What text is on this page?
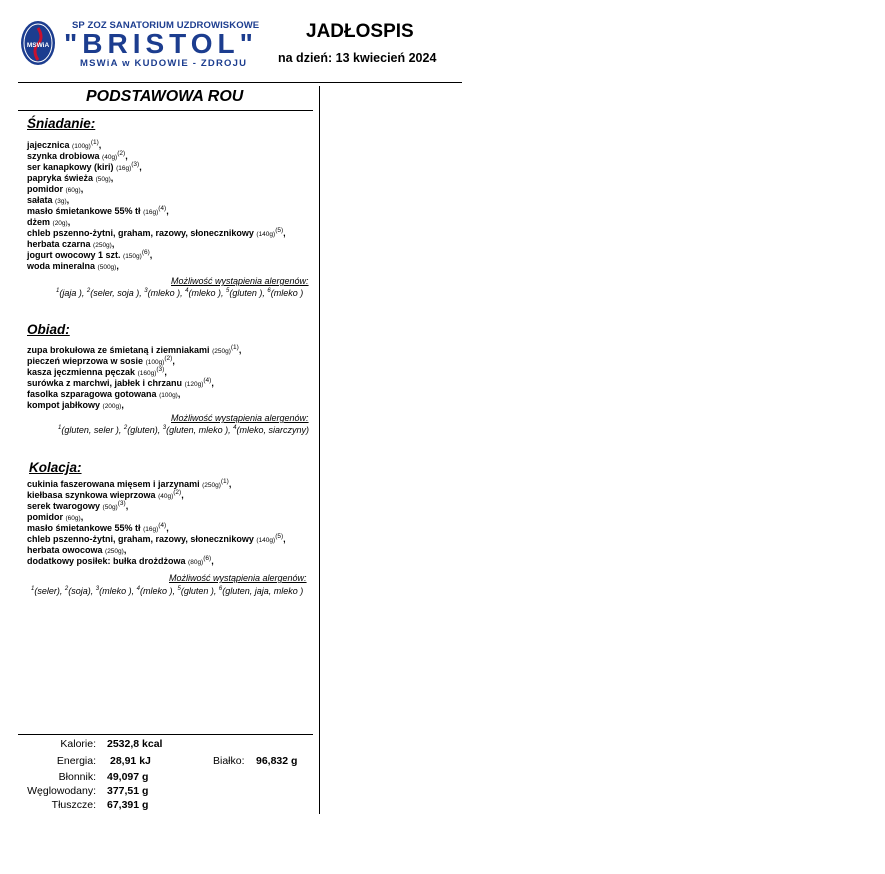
MSWiA
SP ZOZ SANATORIUM UZDROWISKOWE
"BRISTOL"
MSWiA w KUDOWIE - ZDROJU
JADŁOSPIS
na dzień: 13 kwiecień 2024
PODSTAWOWA ROU
Śniadanie:
jajecznica $(100g)^{(1)}$,
szynka drobiowa $(40g)^{(2)}$,
ser kanapkowy (kiri) $(16g)^{(3)}$,
papryka świeża (50g),
pomidor (60g),
sałata (3g),
masło śmietankowe 55% tł $(16g)^{(4)}$,
dżem (20g),
chleb pszenno-żytni, graham, razowy, słonecznikowy $(140g)^{(5)}$,
herbata czarna (250g),
jogurt owocowy 1 szt. $(150g)^{(6)}$,
woda mineralna (500g),
Możliwość wystąpienia alergenów:
$^1$(jaja ), $^2$(seler, soja ), $^3$(mleko ), $^4$(mleko ), $^5$(gluten ), $^6$(mleko )
Obiad:
zupa brokułowa ze śmietaną i ziemniakami $(250g)^{(1)}$,
pieczeń wieprzowa w sosie $(100g)^{(2)}$,
kasza jęczmienna pęczak $(160g)^{(3)}$,
surówka z marchwi, jabłek i chrzanu $(120g)^{(4)}$,
fasolka szparagowa gotowana (100g),
kompot jabłkowy (200g),
Możliwość wystąpienia alergenów:
$^1$(gluten, seler ), $^2$(gluten), $^3$(gluten, mleko ), $^4$(mleko, siarczyny)
Kolacja:
cukinia faszerowana mięsem i jarzynami $(250g)^{(1)}$,
kiełbasa szynkowa wieprzowa $(40g)^{(2)}$,
serek twarogowy $(50g)^{(3)}$,
pomidor (60g),
masło śmietankowe 55% tł $(16g)^{(4)}$,
chleb pszenno-żytni, graham, razowy, słonecznikowy $(140g)^{(5)}$,
herbata owocowa (250g),
dodatkowy posiłek: bułka drożdżowa $(80g)^{(6)}$,
Możliwość wystąpienia alergenów:
$^1$(seler), $^2$(soja), $^3$(mleko ), $^4$(mleko ), $^5$(gluten ), $^6$(gluten, jaja, mleko )
Kalorie: 2532,8 kcal
Energia: 28,91 kJ	Białko: 96,832 g
Błonnik: 49,097 g
Węglowodany: 377,51 g
Tłuszcze: 67,391 g
